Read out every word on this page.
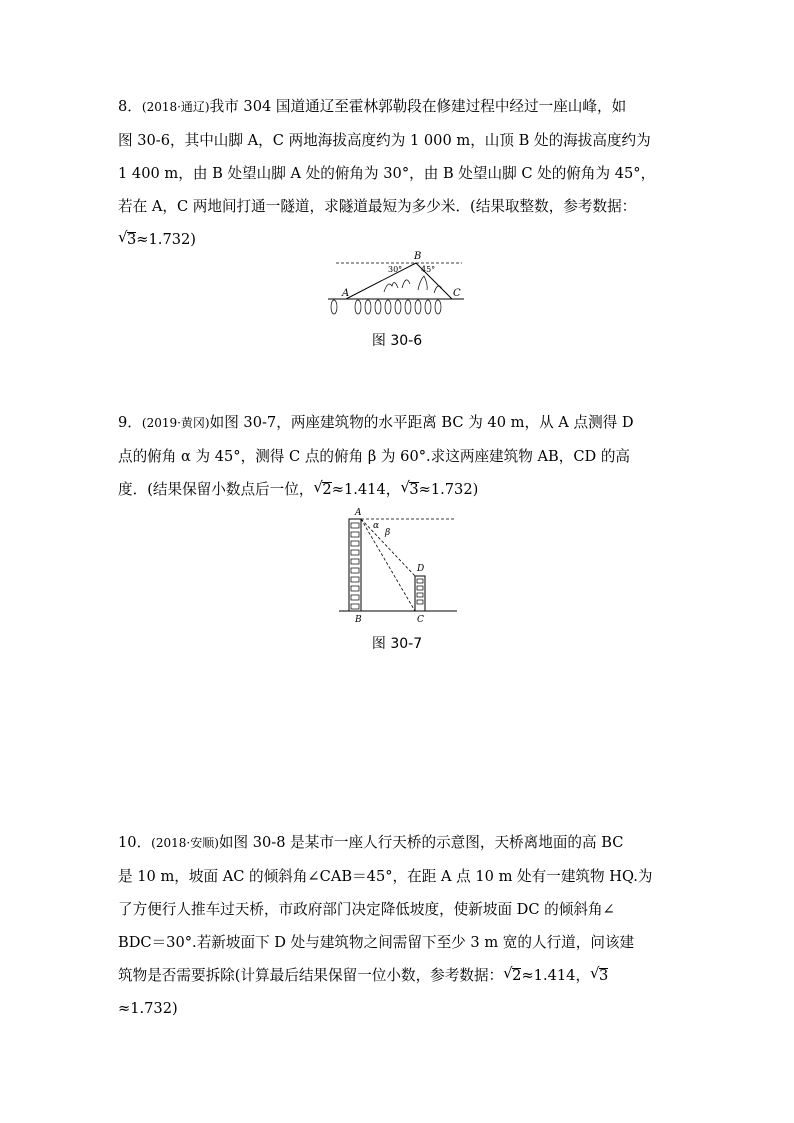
8．(2018·通辽)我市 304 国道通辽至霍林郭勒段在修建过程中经过一座山峰，如

图 30-6，其中山脚 A，C 两地海拔高度约为 1 000 m，山顶 B 处的海拔高度约为

1 400 m，由 B 处望山脚 A 处的俯角为 30°，由 B 处望山脚 C 处的俯角为 45°，

若在 A，C 两地间打通一隧道，求隧道最短为多少米．(结果取整数，参考数据：

√ 3≈1.732)

A
B
C
30° 45°
图 30-6

9．(2019·黄冈)如图 30-7，两座建筑物的水平距离 BC 为 40 m，从 A 点测得 D

点的俯角 α 为 45°，测得 C 点的俯角 β 为 60°.求这两座建筑物 AB，CD 的高

度．(结果保留小数点后一位， √ 2≈1.414， √ 3≈1.732)

A
B	C
D
α
β
图 30-7

10．(2018·安顺)如图 30-8 是某市一座人行天桥的示意图，天桥离地面的高 BC

是 10 m，坡面 AC 的倾斜角∠CAB＝45°，在距 A 点 10 m 处有一建筑物 HQ.为

了方便行人推车过天桥，市政府部门决定降低坡度，使新坡面 DC 的倾斜角∠

BDC＝30°.若新坡面下 D 处与建筑物之间需留下至少 3 m 宽的人行道，问该建

筑物是否需要拆除(计算最后结果保留一位小数，参考数据： √ 2≈1.414， √ 3

≈1.732)
